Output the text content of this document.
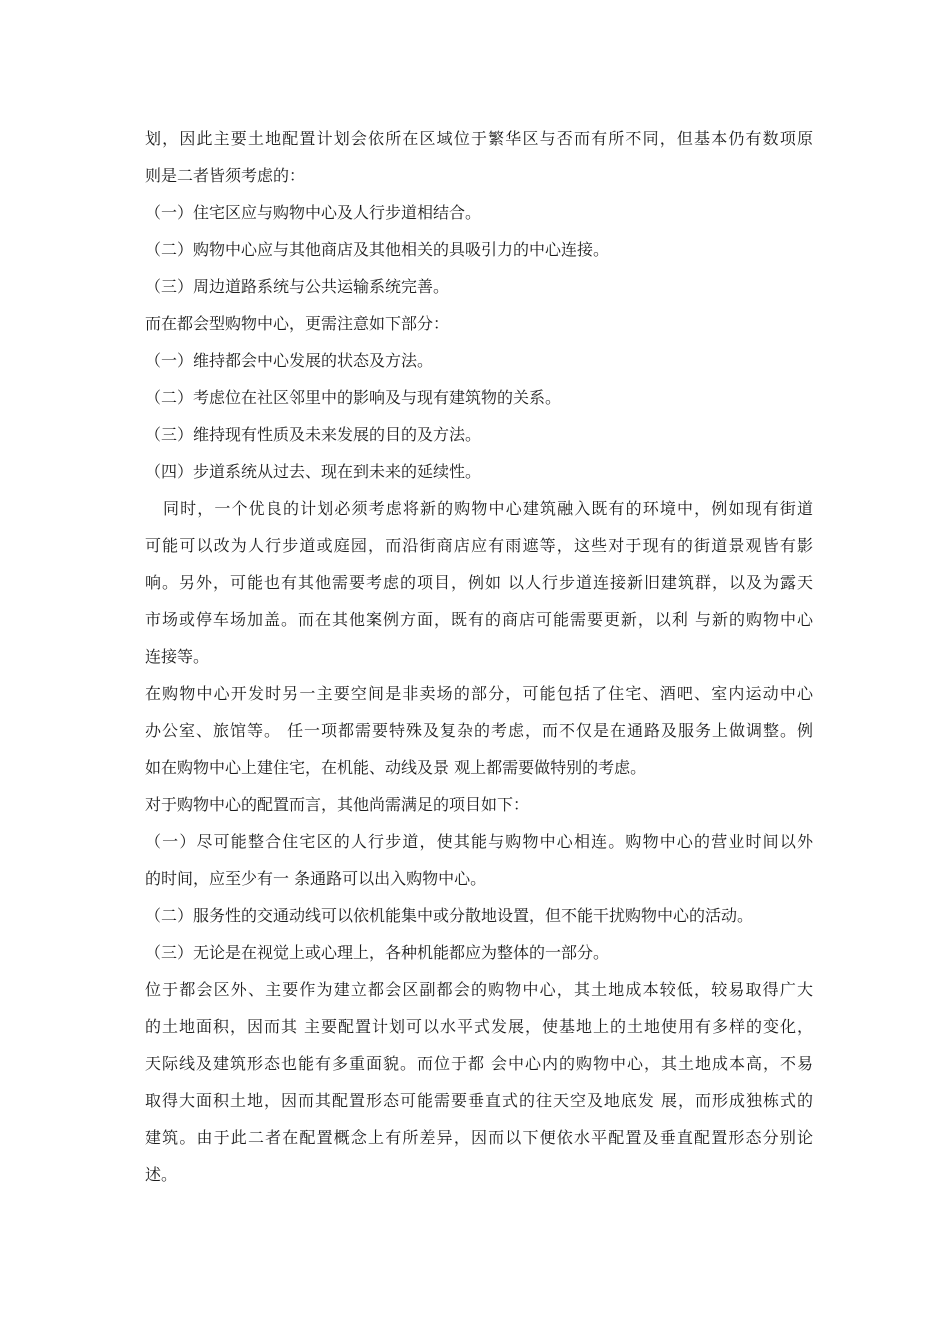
划，因此主要土地配置计划会依所在区域位于繁华区与否而有所不同，但基本仍有数项原
则是二者皆须考虑的：
（一）住宅区应与购物中心及人行步道相结合。
（二）购物中心应与其他商店及其他相关的具吸引力的中心连接。
（三）周边道路系统与公共运输系统完善。
而在都会型购物中心，更需注意如下部分：
（一）维持都会中心发展的状态及方法。
（二）考虑位在社区邻里中的影响及与现有建筑物的关系。
（三）维持现有性质及未来发展的目的及方法。
（四）步道系统从过去、现在到未来的延续性。
同时，一个优良的计划必须考虑将新的购物中心建筑融入既有的环境中，例如现有街道
可能可以改为人行步道或庭园，而沿街商店应有雨遮等，这些对于现有的街道景观皆有影
响。另外，可能也有其他需要考虑的项目，例如 以人行步道连接新旧建筑群，以及为露天
市场或停车场加盖。而在其他案例方面，既有的商店可能需要更新，以利 与新的购物中心
连接等。
在购物中心开发时另一主要空间是非卖场的部分，可能包括了住宅、酒吧、室内运动中心
办公室、旅馆等。 任一项都需要特殊及复杂的考虑，而不仅是在通路及服务上做调整。例
如在购物中心上建住宅，在机能、动线及景 观上都需要做特别的考虑。
对于购物中心的配置而言，其他尚需满足的项目如下：
（一）尽可能整合住宅区的人行步道，使其能与购物中心相连。购物中心的营业时间以外
的时间，应至少有一 条通路可以出入购物中心。
（二）服务性的交通动线可以依机能集中或分散地设置，但不能干扰购物中心的活动。
（三）无论是在视觉上或心理上，各种机能都应为整体的一部分。
位于都会区外、主要作为建立都会区副都会的购物中心，其土地成本较低，较易取得广大
的土地面积，因而其 主要配置计划可以水平式发展，使基地上的土地使用有多样的变化，
天际线及建筑形态也能有多重面貌。而位于都 会中心内的购物中心，其土地成本高，不易
取得大面积土地，因而其配置形态可能需要垂直式的往天空及地底发 展，而形成独栋式的
建筑。由于此二者在配置概念上有所差异，因而以下便依水平配置及垂直配置形态分别论
述。
